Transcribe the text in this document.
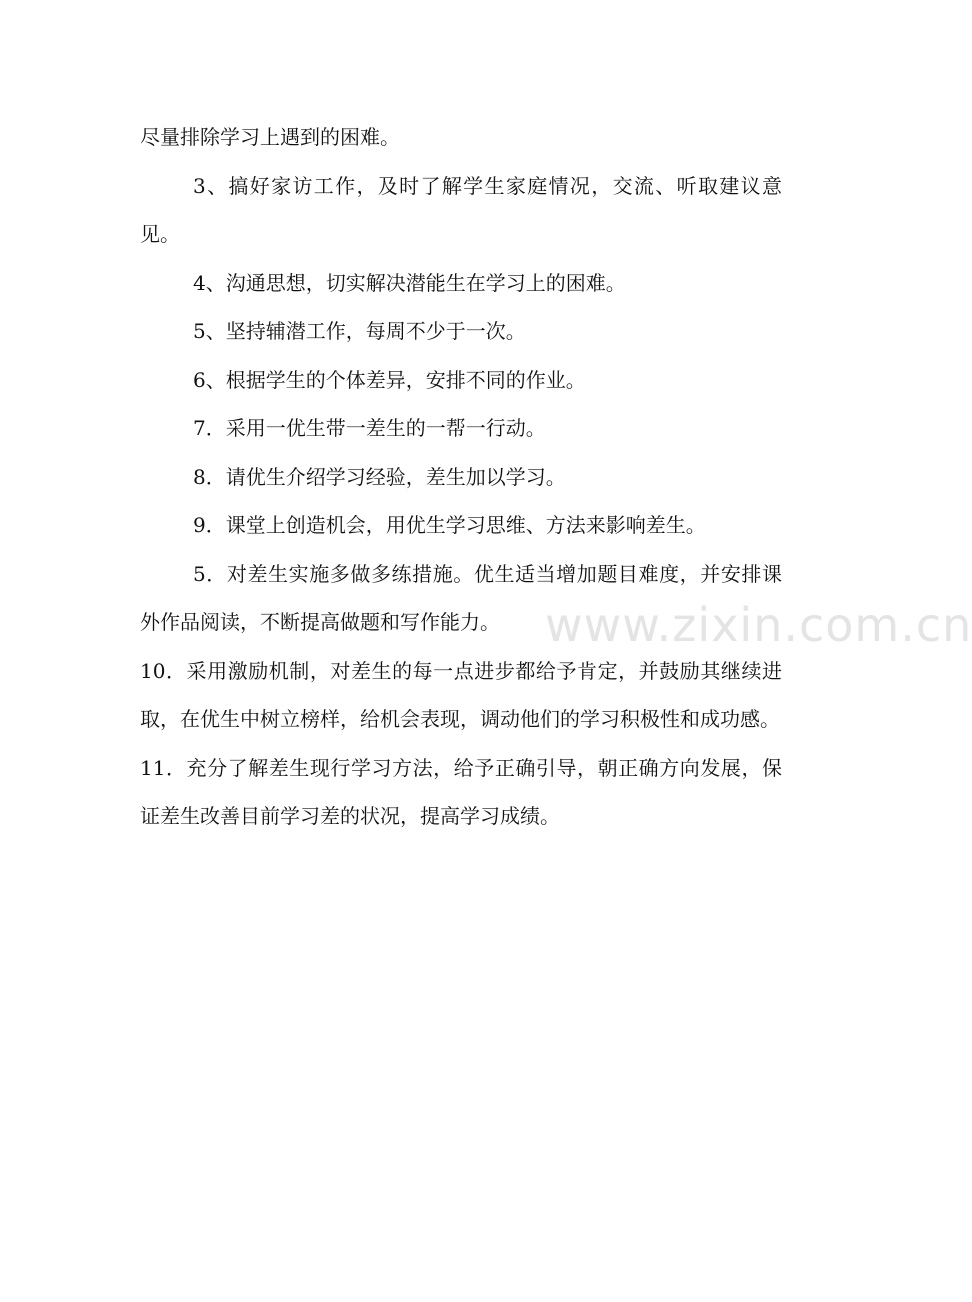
www.zixin.com.cn

尽量排除学习上遇到的困难。

3、搞好家访工作，及时了解学生家庭情况，交流、听取建议意见。

4、沟通思想，切实解决潜能生在学习上的困难。

5、坚持辅潜工作，每周不少于一次。

6、根据学生的个体差异，安排不同的作业。

7．采用一优生带一差生的一帮一行动。

8．请优生介绍学习经验，差生加以学习。

9．课堂上创造机会，用优生学习思维、方法来影响差生。

5．对差生实施多做多练措施。优生适当增加题目难度，并安排课外作品阅读，不断提高做题和写作能力。

10．采用激励机制，对差生的每一点进步都给予肯定，并鼓励其继续进取，在优生中树立榜样，给机会表现，调动他们的学习积极性和成功感。

11．充分了解差生现行学习方法，给予正确引导，朝正确方向发展，保证差生改善目前学习差的状况，提高学习成绩。
